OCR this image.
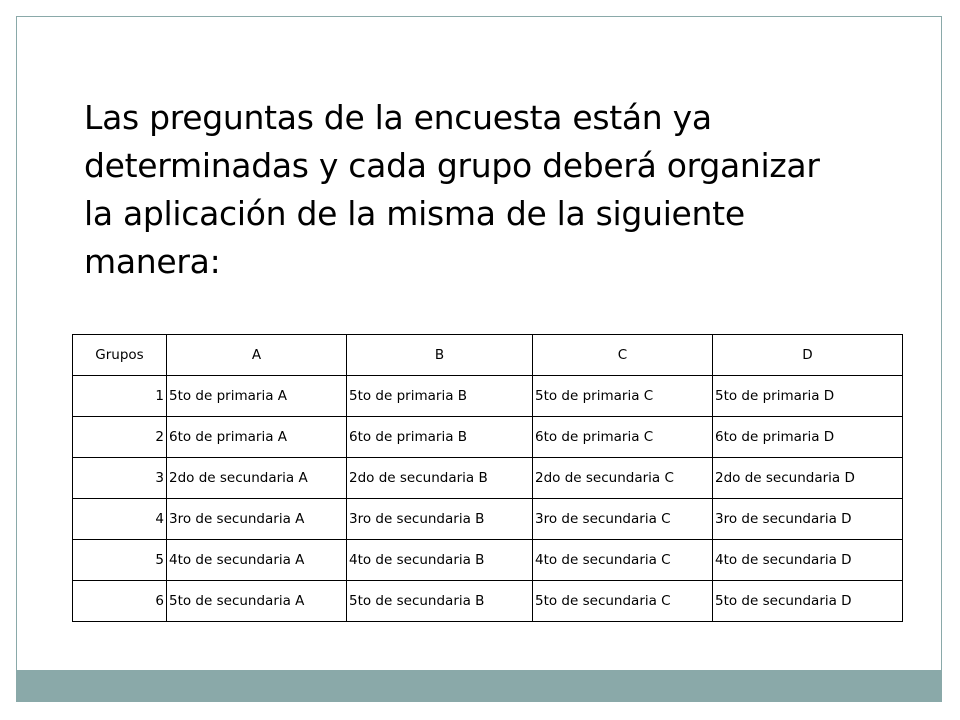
Las preguntas de la encuesta están ya determinadas y cada grupo deberá organizar la aplicación de la misma de la siguiente manera:
Grupos	A	B	C	D
1	5to de primaria A	5to de primaria B	5to de primaria C	5to de primaria D
2	6to de primaria A	6to de primaria B	6to de primaria C	6to de primaria D
3	2do de secundaria A	2do de secundaria B	2do de secundaria C	2do de secundaria D
4	3ro de secundaria A	3ro de secundaria B	3ro de secundaria C	3ro de secundaria D
5	4to de secundaria A	4to de secundaria B	4to de secundaria C	4to de secundaria D
6	5to de secundaria A	5to de secundaria B	5to de secundaria C	5to de secundaria D
